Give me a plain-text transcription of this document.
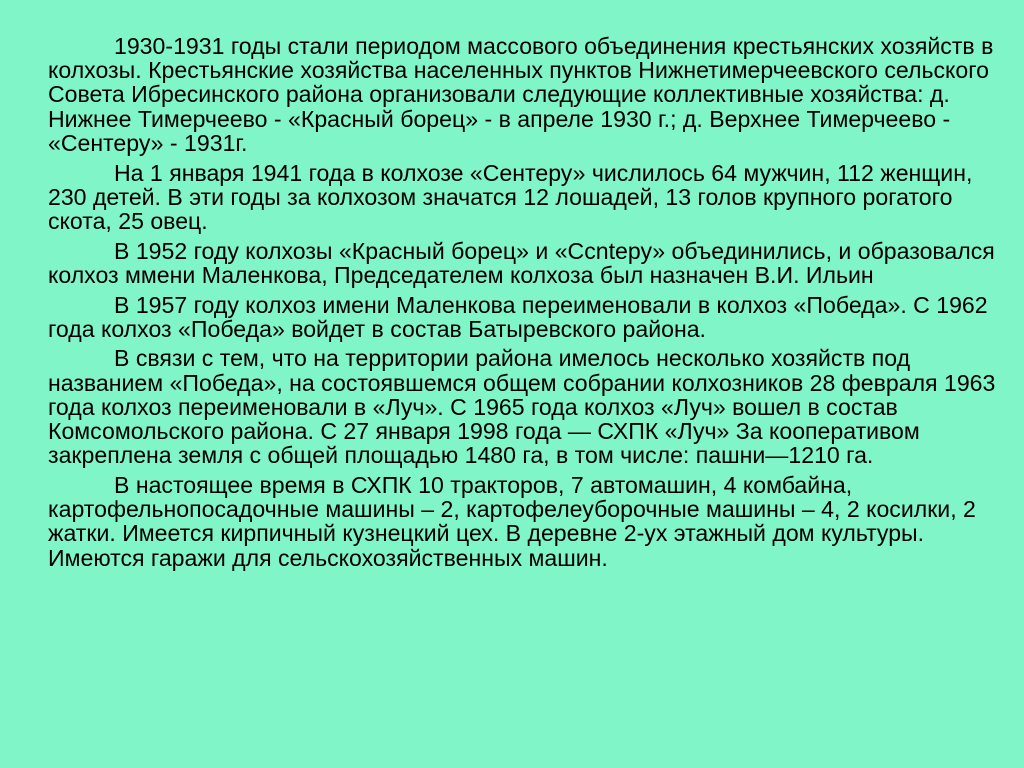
1930-1931 годы стали периодом массового объединения крестьянских хозяйств в колхозы. Крестьянские хозяйства населенных пунктов Нижнетимерчеевского сельского Совета Ибресинского района организовали следующие коллективные хозяйства: д. Нижнее Тимерчеево - «Красный борец» - в апреле 1930 г.; д. Верхнее Тимерчеево - «Сентеру» - 1931г.

На 1 января 1941 года в колхозе «Сентеру» числилось 64 мужчин, 112 женщин, 230 детей. В эти годы за колхозом значатся 12 лошадей, 13 голов крупного рогатого скота, 25 овец.

В 1952 году колхозы «Красный борец» и «Ссntеру» объединились, и образовался колхоз ммени Маленкова, Председателем колхоза был назначен В.И. Ильин

В 1957 году колхоз имени Маленкова переименовали в колхоз «Победа». С 1962 года колхоз «Победа» войдет в состав Батыревского района.

В связи с тем, что на территории района имелось несколько хозяйств под названием «Победа», на состоявшемся общем собрании колхозников 28 февраля 1963 года колхоз переименовали в «Луч». С 1965 года колхоз «Луч» вошел в состав Комсомольского района. С 27 января 1998 года — СХПК «Луч» За кооперативом закреплена земля с общей площадью 1480 га, в том числе: пашни—1210 га.

В настоящее время в СХПК 10 тракторов, 7 автомашин, 4 комбайна, картофельнопосадочные машины – 2, картофелеуборочные машины – 4, 2 косилки, 2 жатки. Имеется кирпичный кузнецкий цех. В деревне 2-ух этажный дом культуры. Имеются гаражи для сельскохозяйственных машин.
